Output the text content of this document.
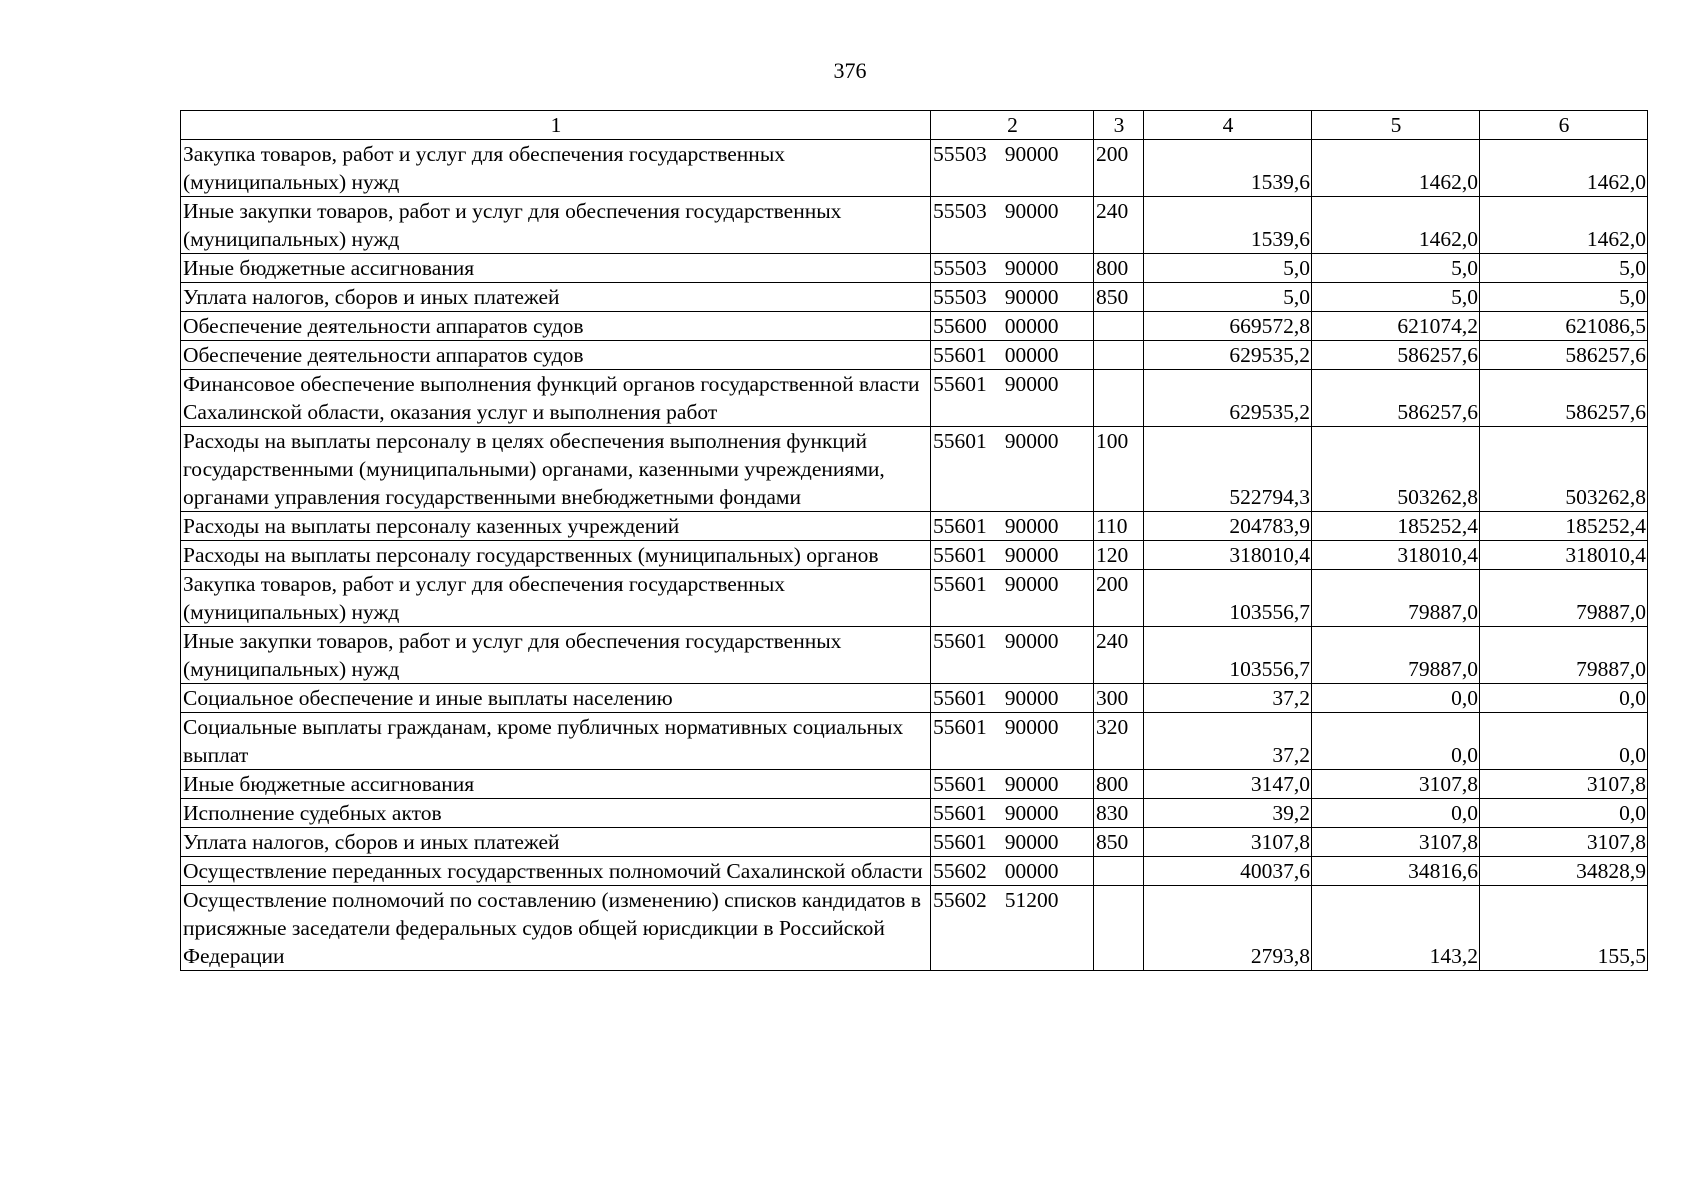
376
1	2	3	4	5	6
Закупка товаров, работ и услуг для обеспечения государственных (муниципальных) нужд	55503 90000	200	1539,6	1462,0	1462,0
Иные закупки товаров, работ и услуг для обеспечения государственных (муниципальных) нужд	55503 90000	240	1539,6	1462,0	1462,0
Иные бюджетные ассигнования	55503 90000	800	5,0	5,0	5,0
Уплата налогов, сборов и иных платежей	55503 90000	850	5,0	5,0	5,0
Обеспечение деятельности аппаратов судов	55600 00000		669572,8	621074,2	621086,5
Обеспечение деятельности аппаратов судов	55601 00000		629535,2	586257,6	586257,6
Финансовое обеспечение выполнения функций органов государственной власти Сахалинской области, оказания услуг и выполнения работ	55601 90000		629535,2	586257,6	586257,6
Расходы на выплаты персоналу в целях обеспечения выполнения функций государственными (муниципальными) органами, казенными учреждениями, органами управления государственными внебюджетными фондами	55601 90000	100	522794,3	503262,8	503262,8
Расходы на выплаты персоналу казенных учреждений	55601 90000	110	204783,9	185252,4	185252,4
Расходы на выплаты персоналу государственных (муниципальных) органов	55601 90000	120	318010,4	318010,4	318010,4
Закупка товаров, работ и услуг для обеспечения государственных (муниципальных) нужд	55601 90000	200	103556,7	79887,0	79887,0
Иные закупки товаров, работ и услуг для обеспечения государственных (муниципальных) нужд	55601 90000	240	103556,7	79887,0	79887,0
Социальное обеспечение и иные выплаты населению	55601 90000	300	37,2	0,0	0,0
Социальные выплаты гражданам, кроме публичных нормативных социальных выплат	55601 90000	320	37,2	0,0	0,0
Иные бюджетные ассигнования	55601 90000	800	3147,0	3107,8	3107,8
Исполнение судебных актов	55601 90000	830	39,2	0,0	0,0
Уплата налогов, сборов и иных платежей	55601 90000	850	3107,8	3107,8	3107,8
Осуществление переданных государственных полномочий Сахалинской области	55602 00000		40037,6	34816,6	34828,9
Осуществление полномочий по составлению (изменению) списков кандидатов в присяжные заседатели федеральных судов общей юрисдикции в Российской Федерации	55602 51200		2793,8	143,2	155,5
